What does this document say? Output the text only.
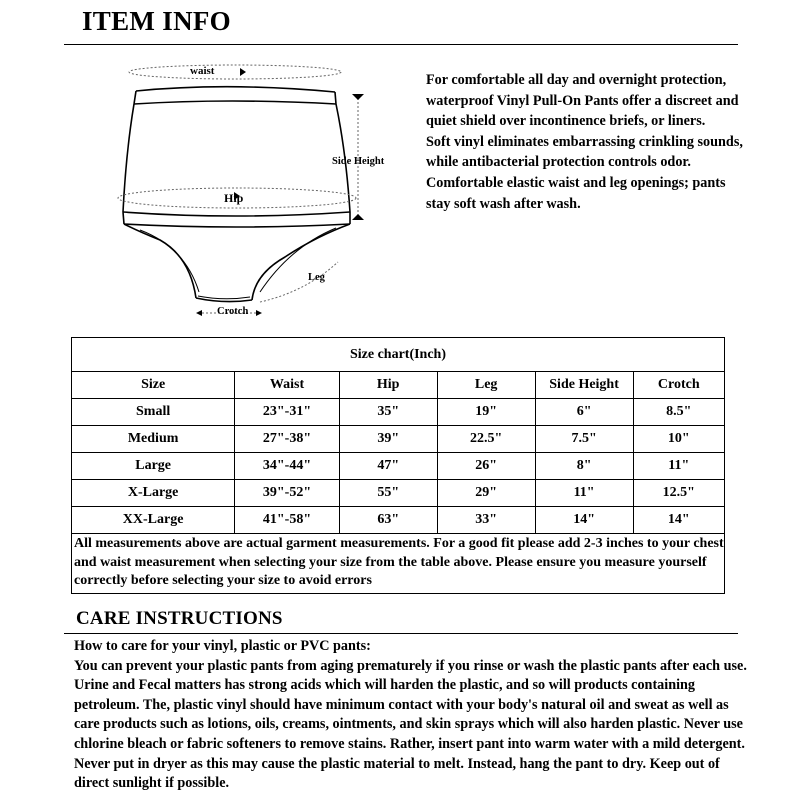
ITEM INFO
waist
Hip
Side Height
Leg
Crotch

For comfortable all day and overnight protection, waterproof Vinyl Pull-On Pants offer a discreet and quiet shield over incontinence briefs, or liners.

Soft vinyl eliminates embarrassing crinkling sounds, while antibacterial protection controls odor. Comfortable elastic waist and leg openings; pants stay soft wash after wash.

Size chart(Inch)					
Size	Waist	Hip	Leg	Side Height	Crotch
Small	23"-31"	35"	19"	6"	8.5"
Medium	27"-38"	39"	22.5"	7.5"	10"
Large	34"-44"	47"	26"	8"	11"
X-Large	39"-52"	55"	29"	11"	12.5"
XX-Large	41"-58"	63"	33"	14"	14"
All measurements above are actual garment measurements. For a good fit please add 2-3 inches to your chest and waist measurement when selecting your size from the table above. Please ensure you measure yourself correctly before selecting your size to avoid errors					
CARE INSTRUCTIONS

How to care for your vinyl, plastic or PVC pants:

You can prevent your plastic pants from aging prematurely if you rinse or wash the plastic pants after each use. Urine and Fecal matters has strong acids which will harden the plastic, and so will products containing petroleum. The, plastic vinyl should have minimum contact with your body's natural oil and sweat as well as care products such as lotions, oils, creams, ointments, and skin sprays which will also harden plastic. Never use chlorine bleach or fabric softeners to remove stains. Rather, insert pant into warm water with a mild detergent. Never put in dryer as this may cause the plastic material to melt. Instead, hang the pant to dry. Keep out of direct sunlight if possible.
